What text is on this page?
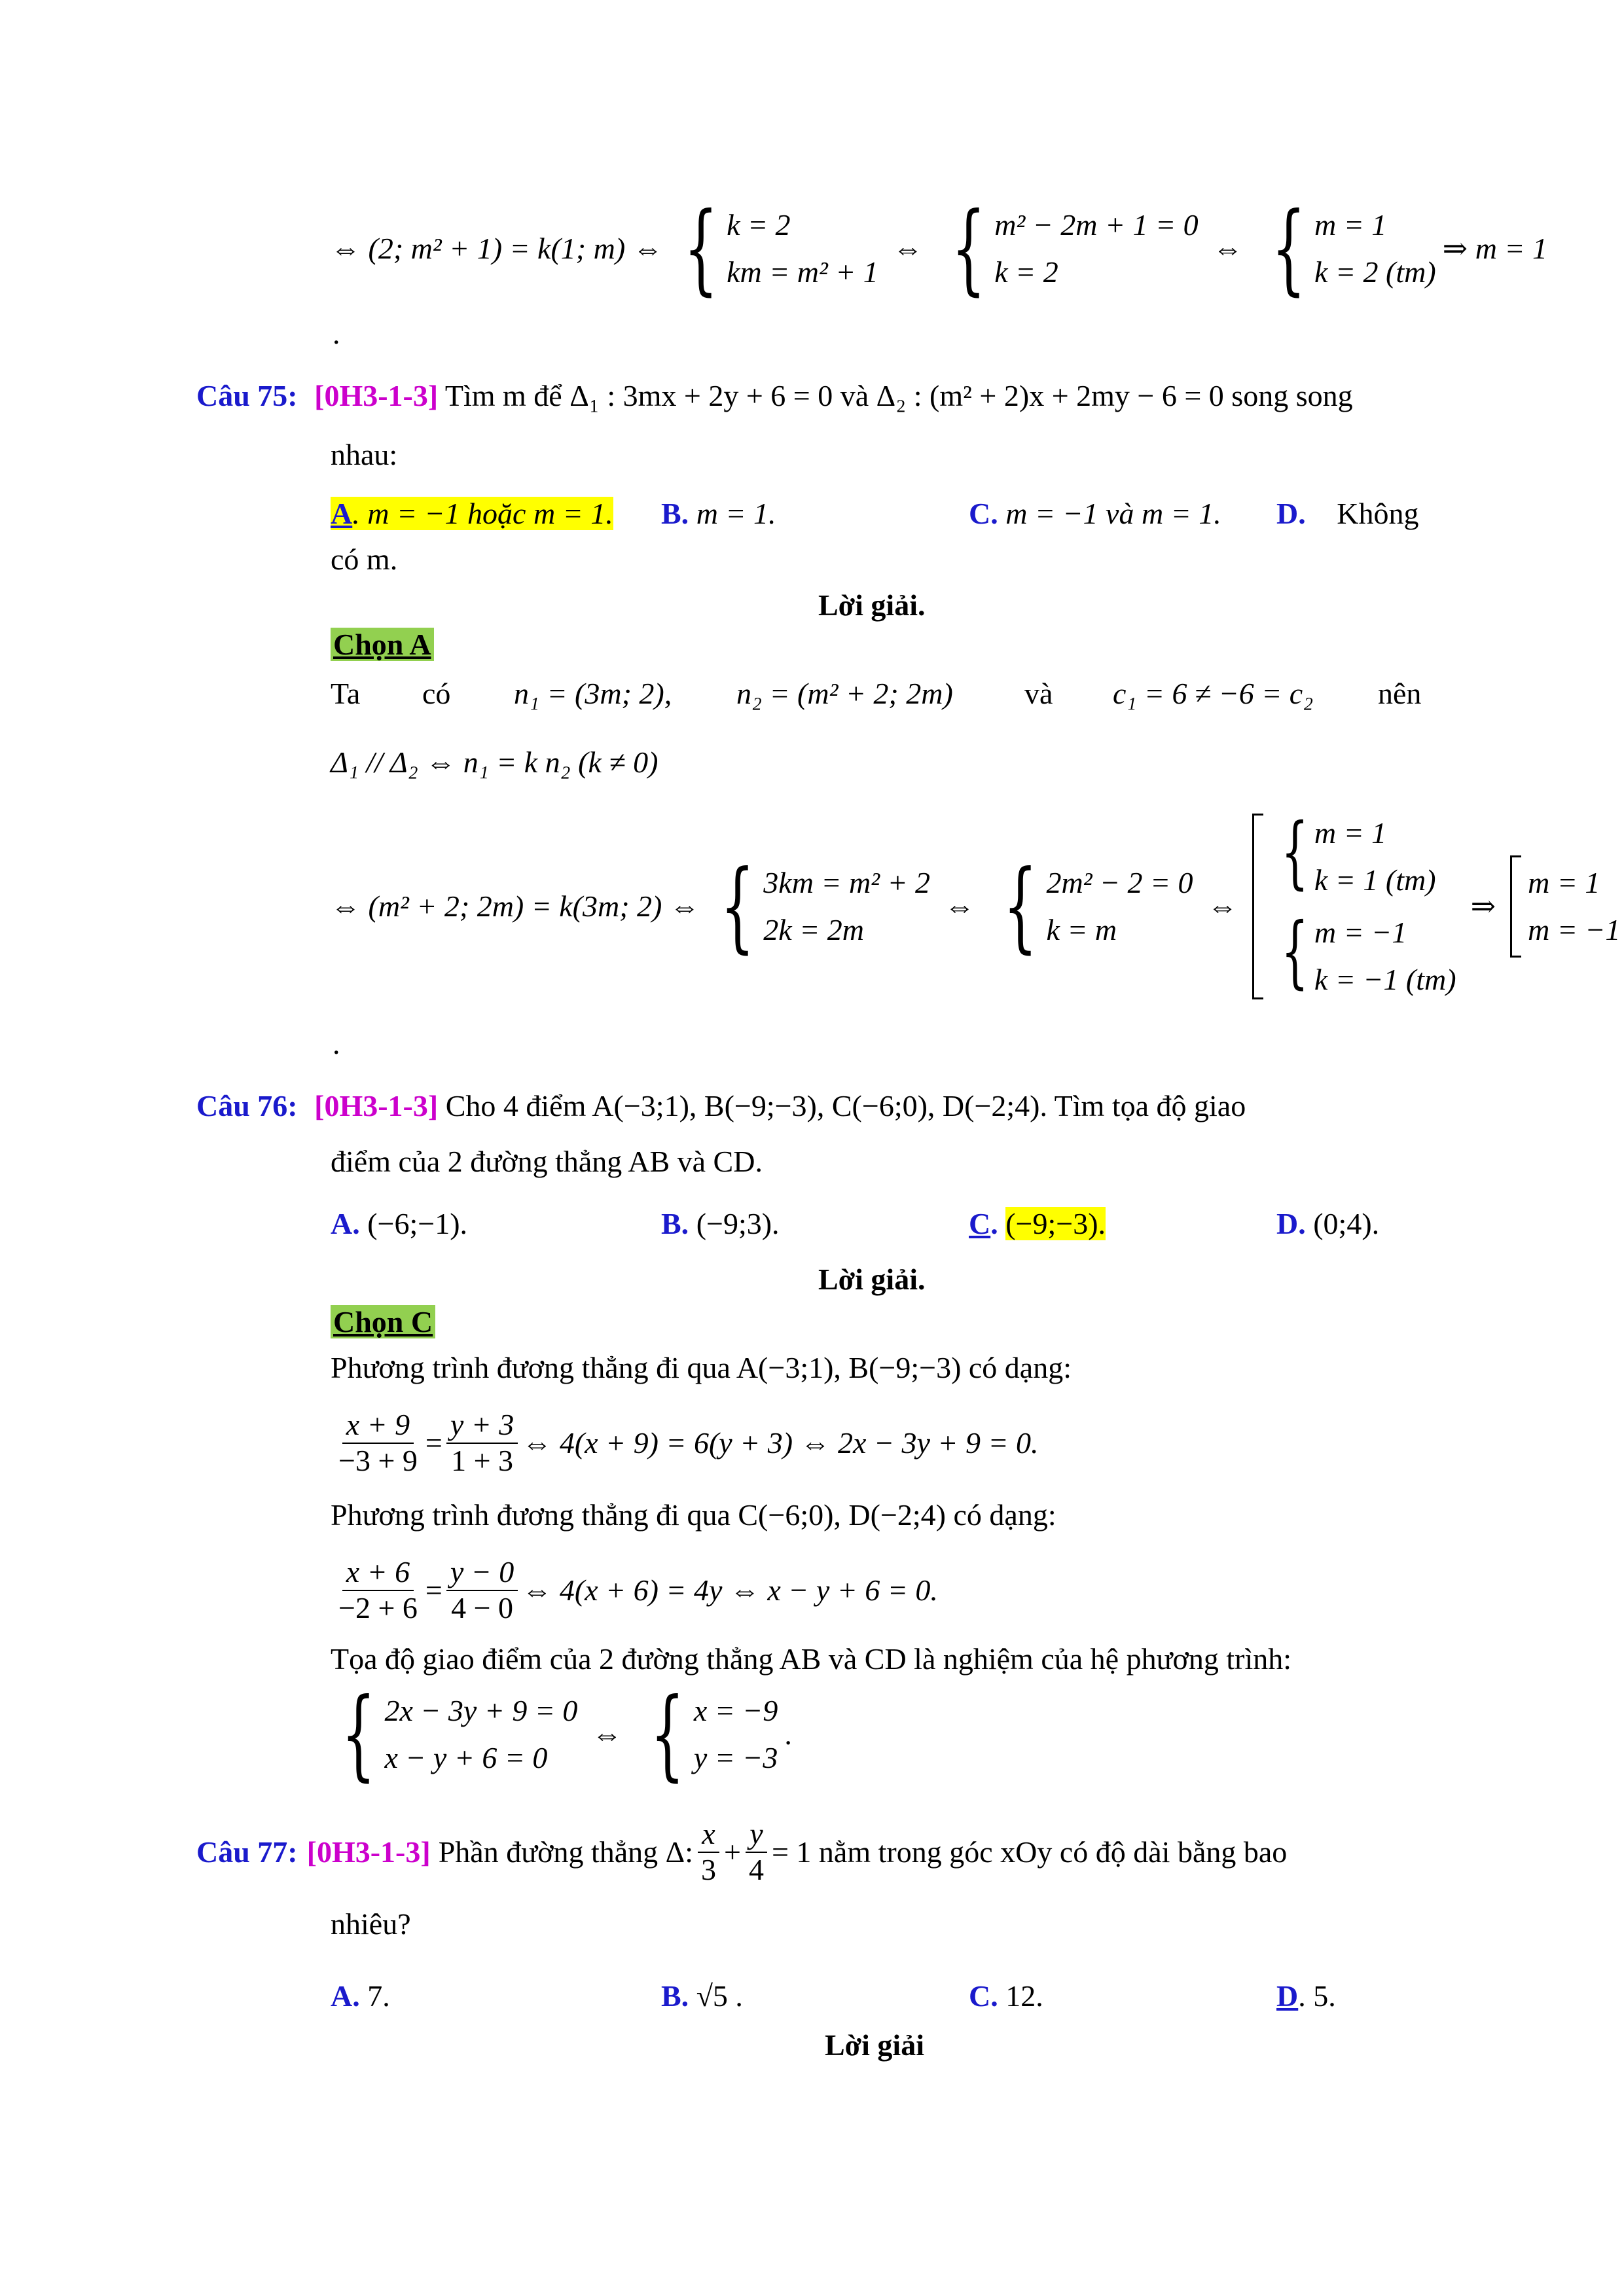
⇔ (2; m² + 1) = k(1; m) ⇔ { k = 2
km = m² + 1
⇔ { m² − 2m + 1 = 0
k = 2
⇔ { m = 1
k = 2 (tm)
⇒ m = 1
.
Câu 75: [0H3-1-3] Tìm m để Δ₁ : 3mx + 2y + 6 = 0 và Δ₂ : (m² + 2)x + 2my − 6 = 0 song song
nhau:
A. m = −1 hoặc m = 1. B. m = 1.	C. m = −1 và m = 1. D. Không
có m.
Lời giải.
Chọn A
Ta có n₁ = (3m; 2), n₂ = (m² + 2; 2m) và c₁ = 6 ≠ −6 = c₂ nên
Δ₁ // Δ₂ ⇔ n₁ = k n₂ (k ≠ 0)
⇔ (m² + 2; 2m) = k(3m; 2) ⇔ { 3km = m² + 2
2k = 2m
⇔ { 2m² − 2 = 0
k = m
⇔
{ m = 1
k = 1 (tm)
{ m = −1
k = −1 (tm)
⇒
m = 1
m = −1
.
Câu 76: [0H3-1-3] Cho 4 điểm A(−3;1), B(−9;−3), C(−6;0), D(−2;4). Tìm tọa độ giao
điểm của 2 đường thẳng AB và CD.
A. (−6;−1).	B. (−9;3).	C. (−9;−3).	D. (0;4).
Lời giải.
Chọn C
Phương trình đương thẳng đi qua A(−3;1), B(−9;−3) có dạng:
$\frac{x + 9}{-3 + 9} = \frac{y + 3}{1 + 3}$ ⇔ 4(x + 9) = 6(y + 3) ⇔ 2x − 3y + 9 = 0.
Phương trình đương thẳng đi qua C(−6;0), D(−2;4) có dạng:
$\frac{x + 6}{-2 + 6} = \frac{y - 0}{4 - 0}$ ⇔ 4(x + 6) = 4y ⇔ x − y + 6 = 0.
Tọa độ giao điểm của 2 đường thẳng AB và CD là nghiệm của hệ phương trình:
{ 2x − 3y + 9 = 0
x − y + 6 = 0
⇔ { x = −9
y = −3
.
Câu 77: [0H3-1-3] Phần đường thẳng Δ: $\frac{x}{3} + \frac{y}{4} = 1$ nằm trong góc xOy có độ dài bằng bao
nhiêu?
A. 7.	B. √5 .	C. 12.	D. 5.
Lời giải
